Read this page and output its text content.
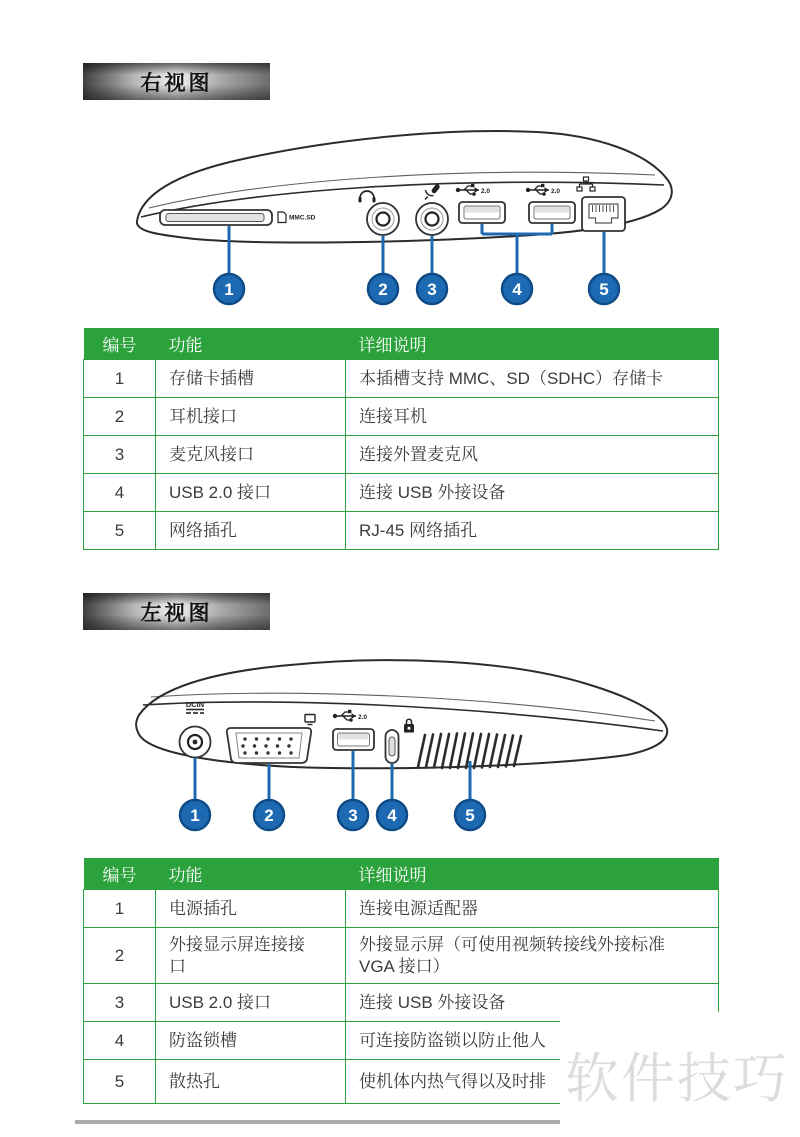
右视图
MMC.SD
2.0	2.0
1	2 3	4	5
编号	功能	详细说明
1	存储卡插槽	本插槽支持 MMC、SD（SDHC）存储卡
2	耳机接口	连接耳机
3	麦克风接口	连接外置麦克风
4	USB 2.0 接口	连接 USB 外接设备
5	网络插孔	RJ-45 网络插孔
左视图
DCIN
2.0
1	2	3 4	5
编号	功能	详细说明
1	电源插孔	连接电源适配器
2	外接显示屏连接接口	外接显示屏（可使用视频转接线外接标准 VGA 接口）
3	USB 2.0 接口	连接 USB 外接设备
4	防盗锁槽	可连接防盗锁以防止他人
5	散热孔	使机体内热气得以及时排 软件技巧
